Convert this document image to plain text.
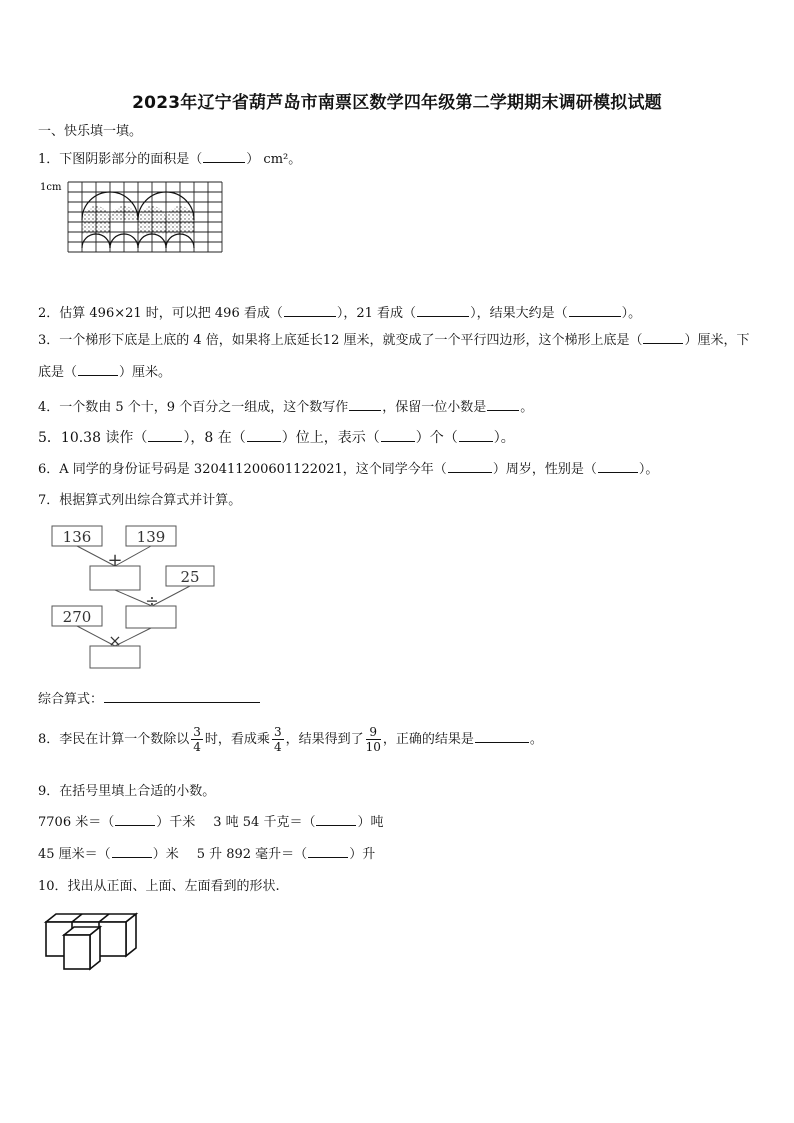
2023年辽宁省葫芦岛市南票区数学四年级第二学期期末调研模拟试题
一、快乐填一填。
1．下图阴影部分的面积是（	） cm²。
1cm
2．估算 496×21 时，可以把 496 看成（	），21 看成（	），结果大约是（	）。
3．一个梯形下底是上底的 4 倍，如果将上底延长12 厘米，就变成了一个平行四边形，这个梯形上底是（	）厘米，下底是（	）厘米。
4．一个数由 5 个十，9 个百分之一组成，这个数写作	，保留一位小数是	。
5．10.38 读作（	），8 在（	）位上，表示（	）个（	）。
6．A 同学的身份证号码是 320411200601122021，这个同学今年（	）周岁，性别是（	）。
7．根据算式列出综合算式并计算。
136	139
+
25
÷
270
×
综合算式：
8．李民在计算一个数除以 $\frac{3}{4}$ 时，看成乘 $\frac{3}{4}$ ，结果得到了 $\frac{9}{10}$ ，正确的结果是	。
9．在括号里填上合适的小数。
7706 米＝（	）千米 3 吨 54 千克＝（	）吨
45 厘米＝（	）米 5 升 892 毫升＝（	）升
10．找出从正面、上面、左面看到的形状.
